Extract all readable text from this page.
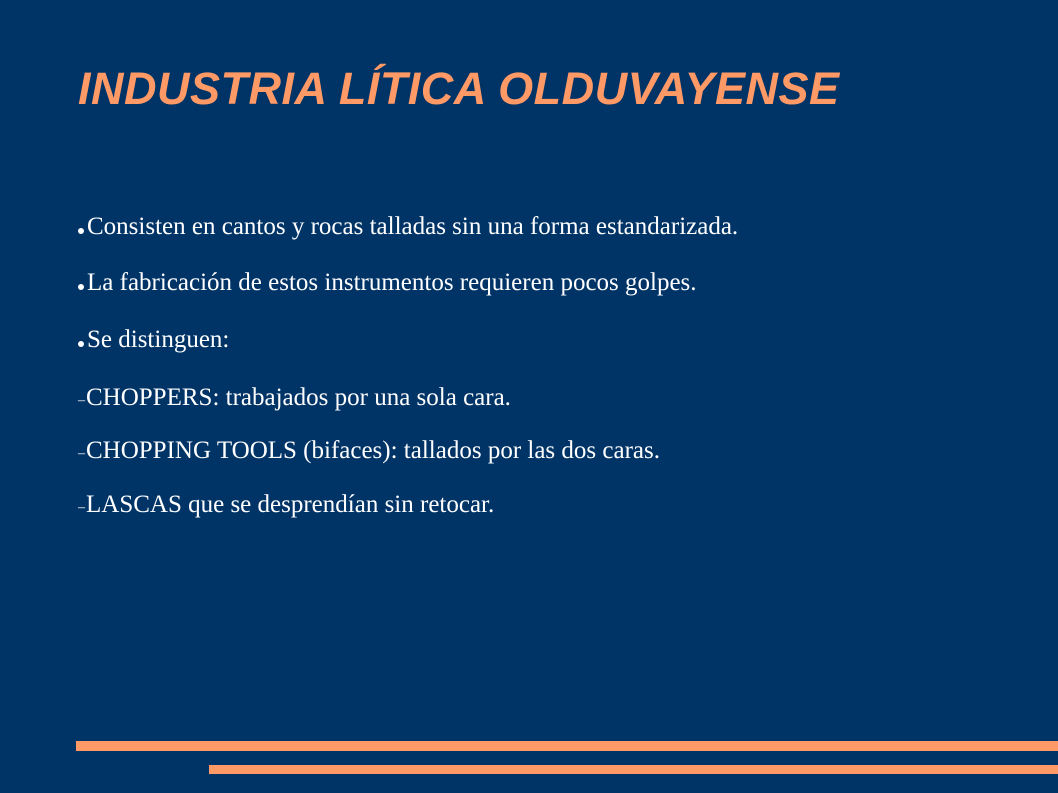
INDUSTRIA LÍTICA OLDUVAYENSE
Consisten en cantos y rocas talladas sin una forma estandarizada.
La fabricación de estos instrumentos requieren pocos golpes.
Se distinguen:
–CHOPPERS: trabajados por una sola cara.
–CHOPPING TOOLS (bifaces): tallados por las dos caras.
–LASCAS que se desprendían sin retocar.
